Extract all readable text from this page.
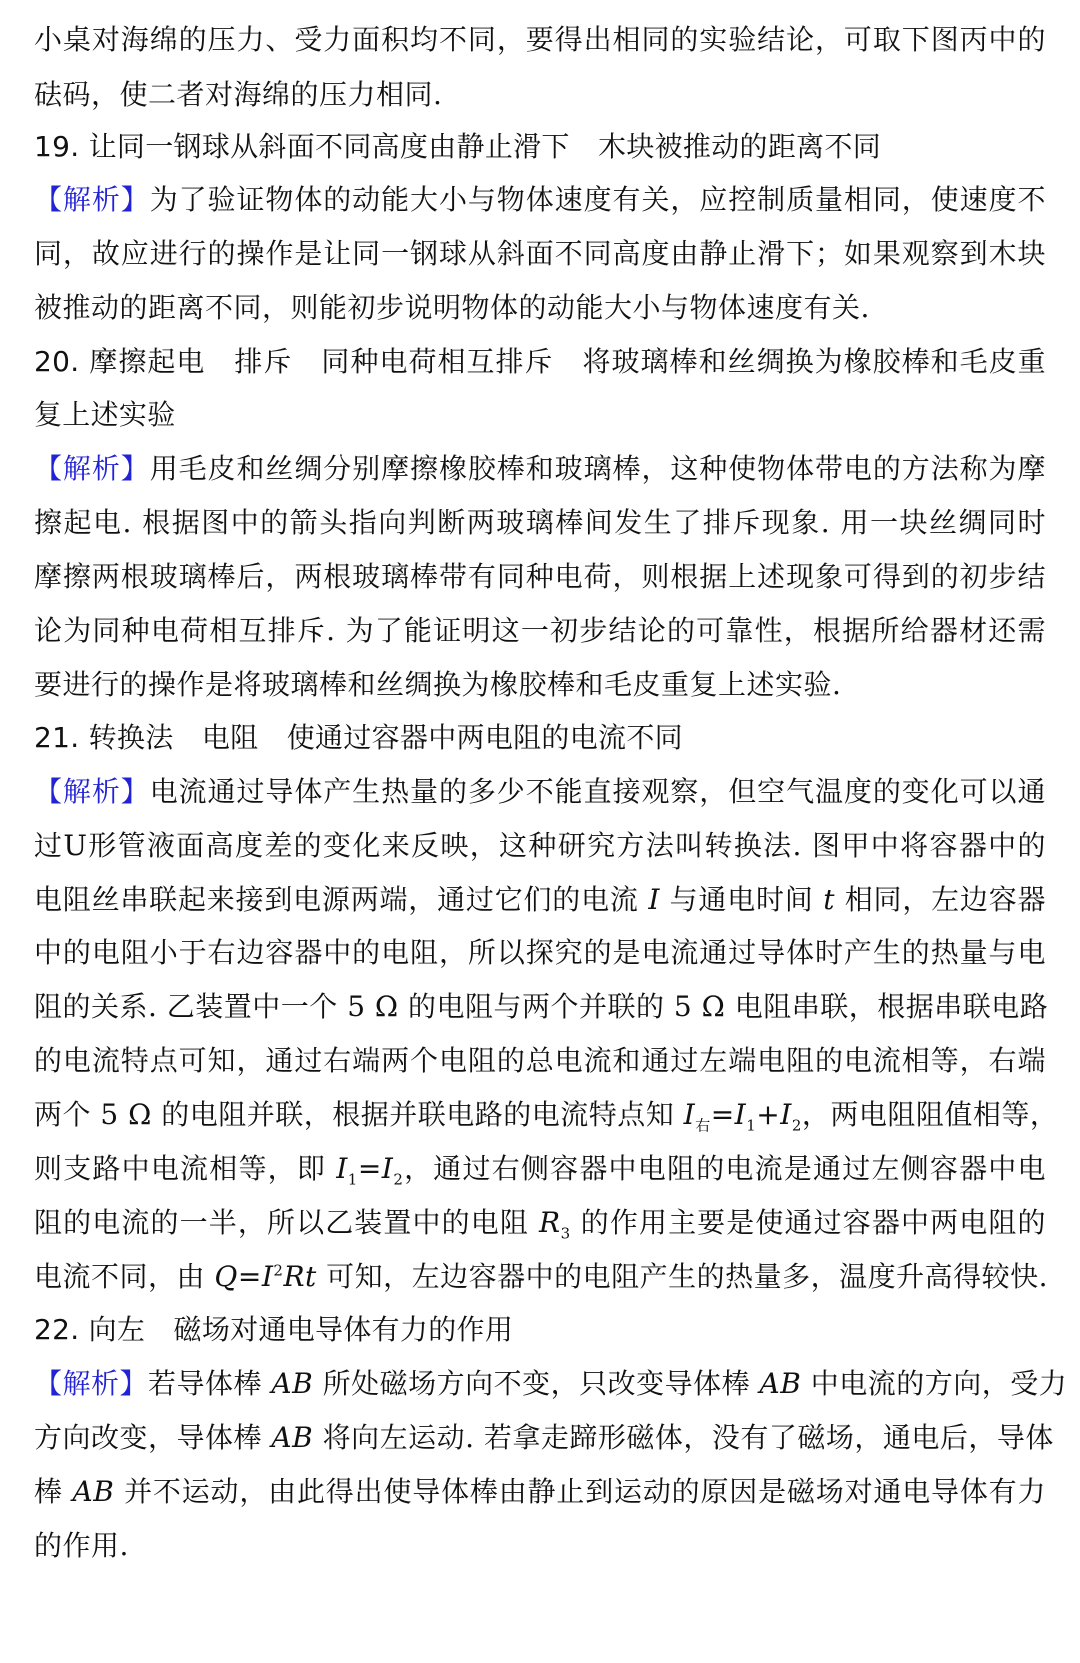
小桌对海绵的压力、受力面积均不同，要得出相同的实验结论，可取下图丙中的
砝码，使二者对海绵的压力相同.
19. 让同一钢球从斜面不同高度由静止滑下　木块被推动的距离不同
【解析】为了验证物体的动能大小与物体速度有关，应控制质量相同，使速度不
同，故应进行的操作是让同一钢球从斜面不同高度由静止滑下；如果观察到木块
被推动的距离不同，则能初步说明物体的动能大小与物体速度有关.
20. 摩擦起电　排斥　同种电荷相互排斥　将玻璃棒和丝绸换为橡胶棒和毛皮重
复上述实验
【解析】用毛皮和丝绸分别摩擦橡胶棒和玻璃棒，这种使物体带电的方法称为摩
擦起电. 根据图中的箭头指向判断两玻璃棒间发生了排斥现象. 用一块丝绸同时
摩擦两根玻璃棒后，两根玻璃棒带有同种电荷，则根据上述现象可得到的初步结
论为同种电荷相互排斥. 为了能证明这一初步结论的可靠性，根据所给器材还需
要进行的操作是将玻璃棒和丝绸换为橡胶棒和毛皮重复上述实验.
21. 转换法　电阻　使通过容器中两电阻的电流不同
【解析】电流通过导体产生热量的多少不能直接观察，但空气温度的变化可以通
过U形管液面高度差的变化来反映，这种研究方法叫转换法. 图甲中将容器中的
电阻丝串联起来接到电源两端，通过它们的电流 I 与通电时间 t 相同，左边容器
中的电阻小于右边容器中的电阻，所以探究的是电流通过导体时产生的热量与电
阻的关系. 乙装置中一个 5 Ω 的电阻与两个并联的 5 Ω 电阻串联，根据串联电路
的电流特点可知，通过右端两个电阻的总电流和通过左端电阻的电流相等，右端
两个 5 Ω 的电阻并联，根据并联电路的电流特点知 $I_右=I_1+I_2$，两电阻阻值相等，
则支路中电流相等，即 $I_1=I_2$，通过右侧容器中电阻的电流是通过左侧容器中电
阻的电流的一半，所以乙装置中的电阻 $R_3$ 的作用主要是使通过容器中两电阻的
电流不同，由 $Q=I^2Rt$ 可知，左边容器中的电阻产生的热量多，温度升高得较快.
22. 向左　磁场对通电导体有力的作用
【解析】若导体棒 AB 所处磁场方向不变，只改变导体棒 AB 中电流的方向，受力
方向改变，导体棒 AB 将向左运动. 若拿走蹄形磁体，没有了磁场，通电后，导体
棒 AB 并不运动，由此得出使导体棒由静止到运动的原因是磁场对通电导体有力
的作用.
